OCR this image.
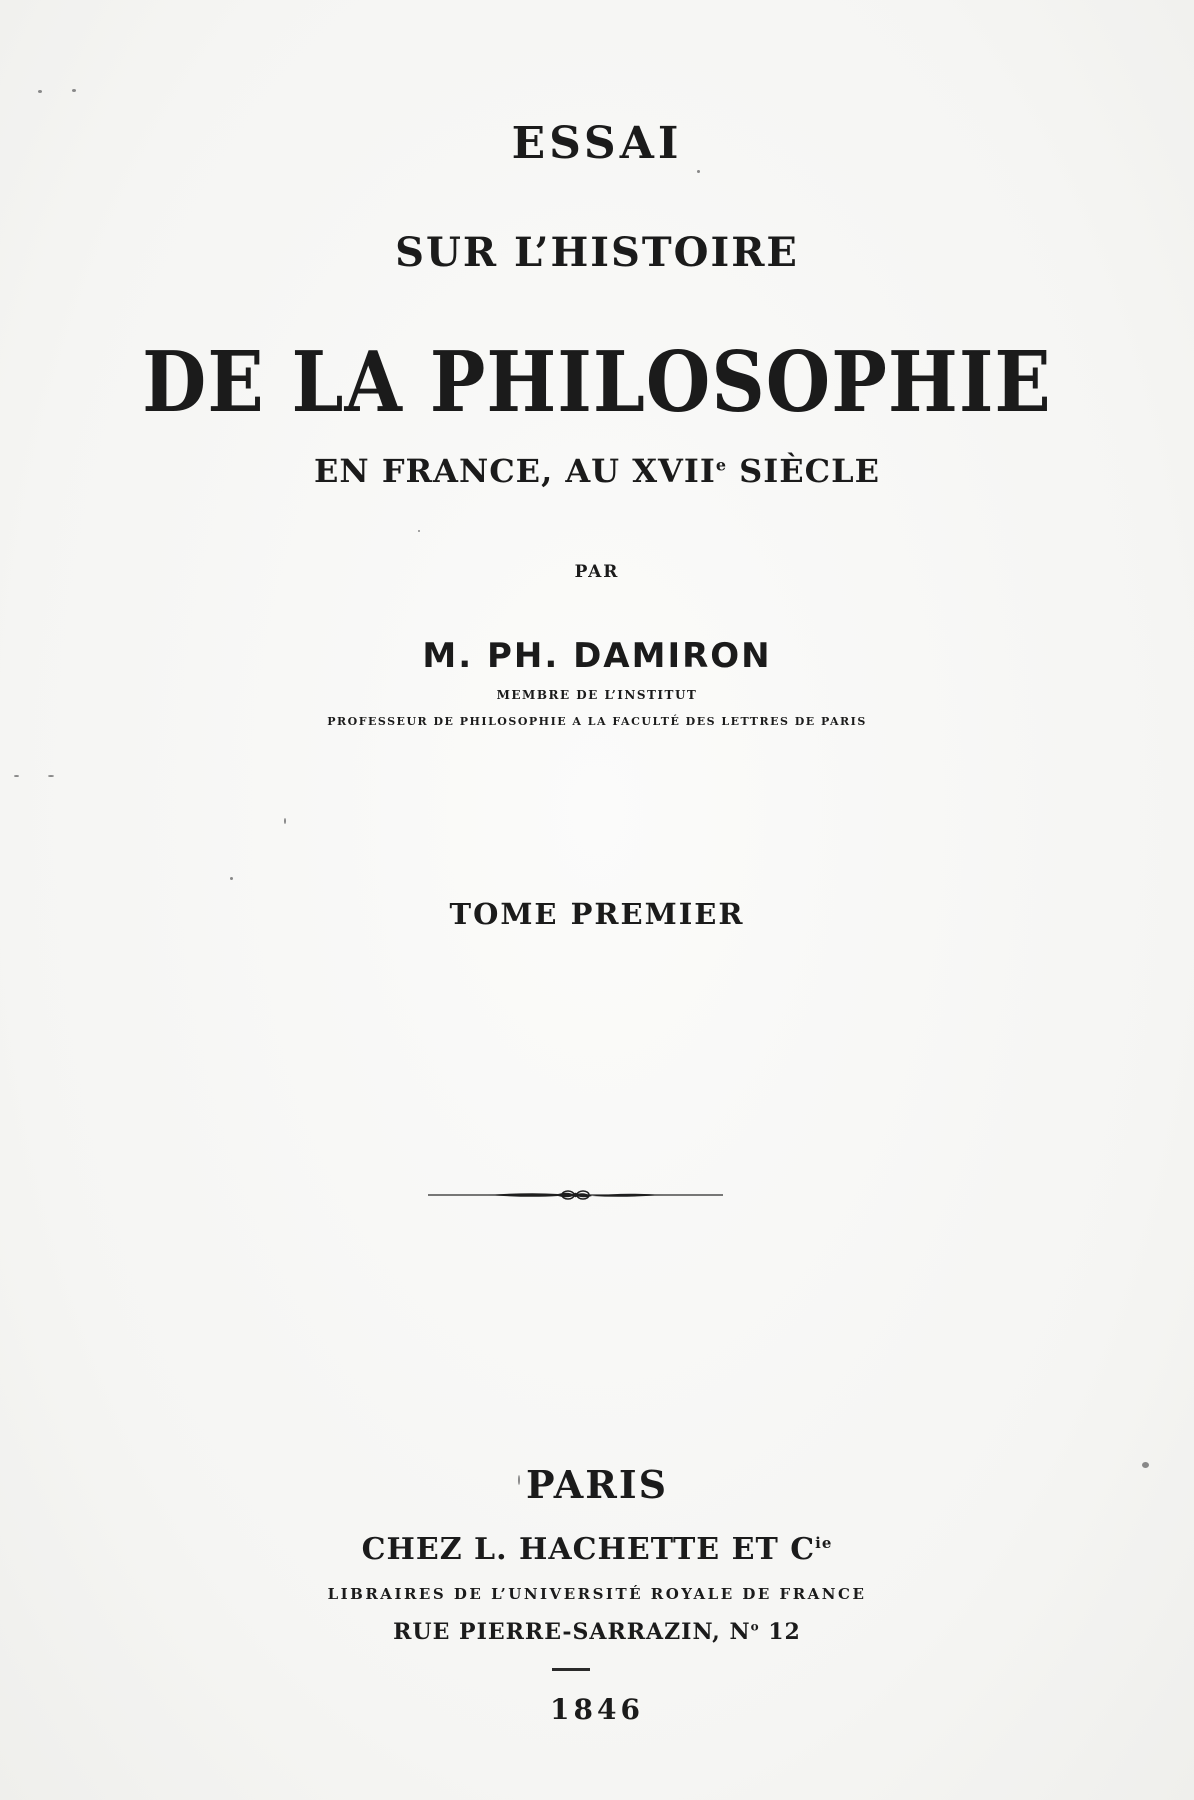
ESSAI
SUR L’HISTOIRE
DE LA PHILOSOPHIE
EN FRANCE, AU XVIIe SIÈCLE
PAR
M. PH. DAMIRON
MEMBRE DE L’INSTITUT
PROFESSEUR DE PHILOSOPHIE A LA FACULTÉ DES LETTRES DE PARIS
TOME PREMIER
PARIS
CHEZ L. HACHETTE ET $C^{ie}$
LIBRAIRES DE L’UNIVERSITÉ ROYALE DE FRANCE
RUE PIERRE-SARRAZIN, $N^o$ 12
1846
